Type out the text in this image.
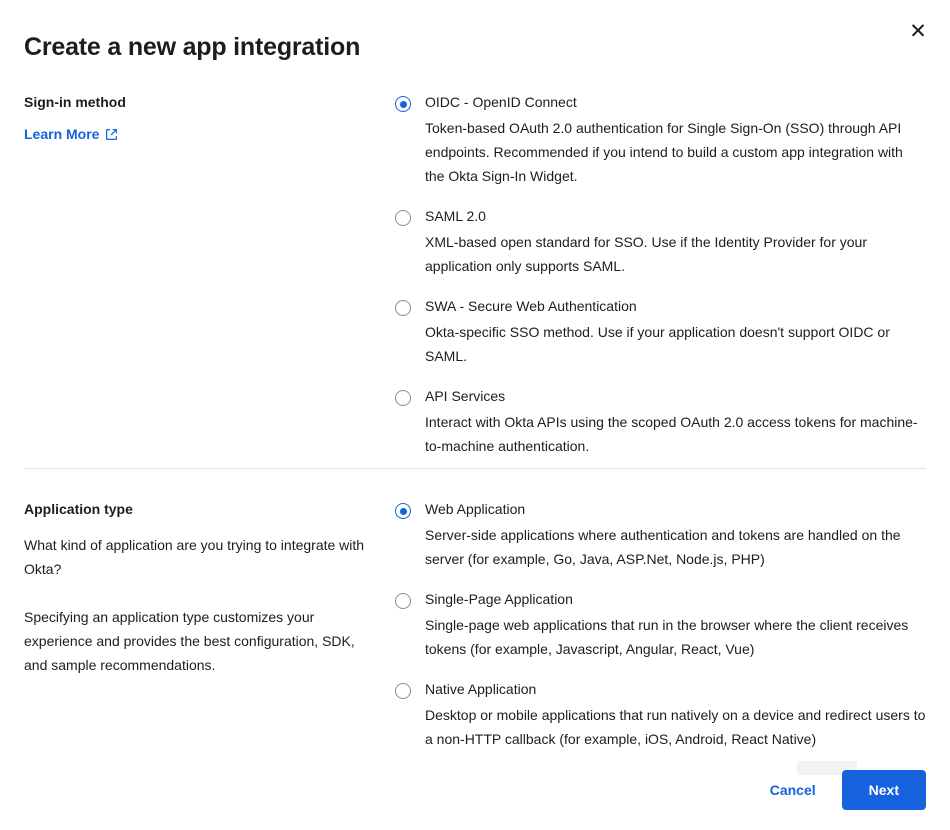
✕
Create a new app integration

Sign-in method

Learn More

OIDC - OpenID Connect

Token-based OAuth 2.0 authentication for Single Sign-On (SSO) through API endpoints. Recommended if you intend to build a custom app integration with the Okta Sign-In Widget.

SAML 2.0

XML-based open standard for SSO. Use if the Identity Provider for your application only supports SAML.

SWA - Secure Web Authentication

Okta-specific SSO method. Use if your application doesn't support OIDC or SAML.

API Services

Interact with Okta APIs using the scoped OAuth 2.0 access tokens for machine-to-machine authentication.

Application type

What kind of application are you trying to integrate with Okta?

Specifying an application type customizes your experience and provides the best configuration, SDK, and sample recommendations.

Web Application

Server-side applications where authentication and tokens are handled on the server (for example, Go, Java, ASP.Net, Node.js, PHP)

Single-Page Application

Single-page web applications that run in the browser where the client receives tokens (for example, Javascript, Angular, React, Vue)

Native Application

Desktop or mobile applications that run natively on a device and redirect users to a non-HTTP callback (for example, iOS, Android, React Native)

Cancel	Next
